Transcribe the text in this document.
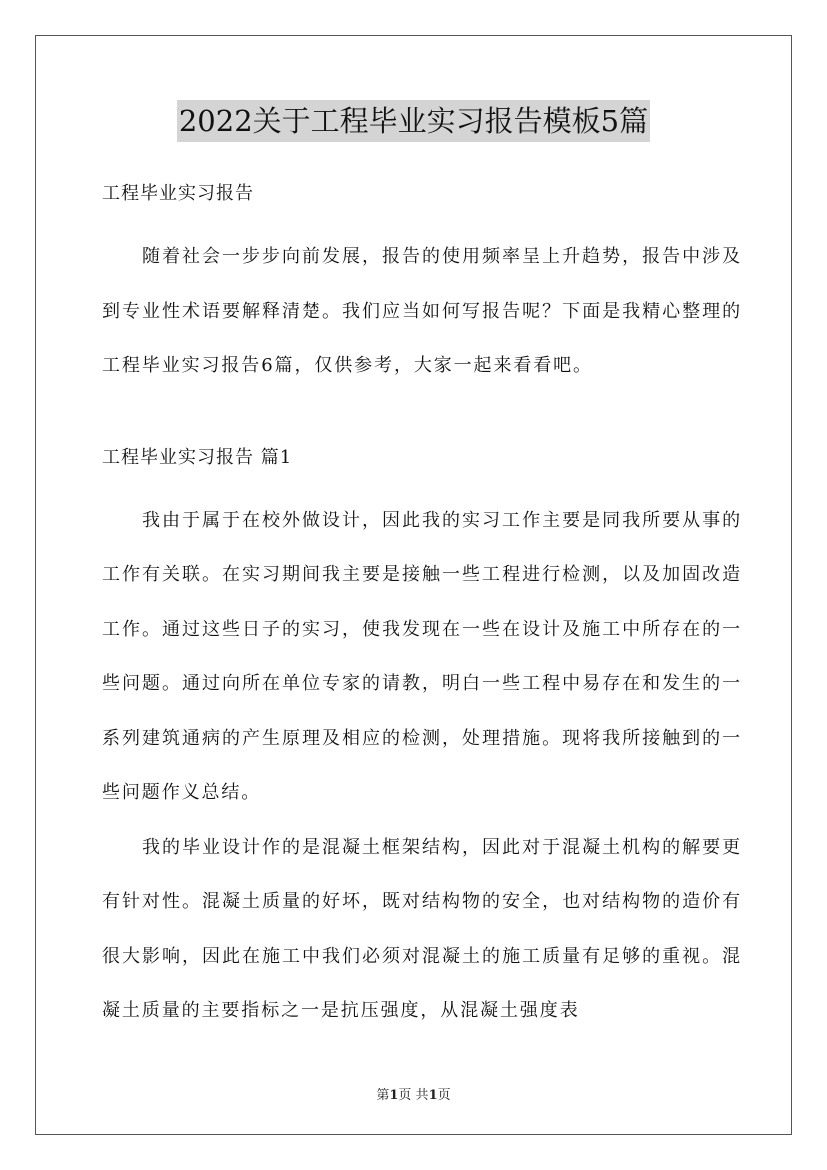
2022关于工程毕业实习报告模板5篇

工程毕业实习报告

随着社会一步步向前发展，报告的使用频率呈上升趋势，报告中涉及到专业性术语要解释清楚。我们应当如何写报告呢？下面是我精心整理的工程毕业实习报告6篇，仅供参考，大家一起来看看吧。

工程毕业实习报告 篇1

我由于属于在校外做设计，因此我的实习工作主要是同我所要从事的工作有关联。在实习期间我主要是接触一些工程进行检测，以及加固改造工作。通过这些日子的实习，使我发现在一些在设计及施工中所存在的一些问题。通过向所在单位专家的请教，明白一些工程中易存在和发生的一系列建筑通病的产生原理及相应的检测，处理措施。现将我所接触到的一些问题作义总结。

我的毕业设计作的是混凝土框架结构，因此对于混凝土机构的解要更有针对性。混凝土质量的好坏，既对结构物的安全，也对结构物的造价有很大影响，因此在施工中我们必须对混凝土的施工质量有足够的重视。混凝土质量的主要指标之一是抗压强度，从混凝土强度表

第1页 共1页
